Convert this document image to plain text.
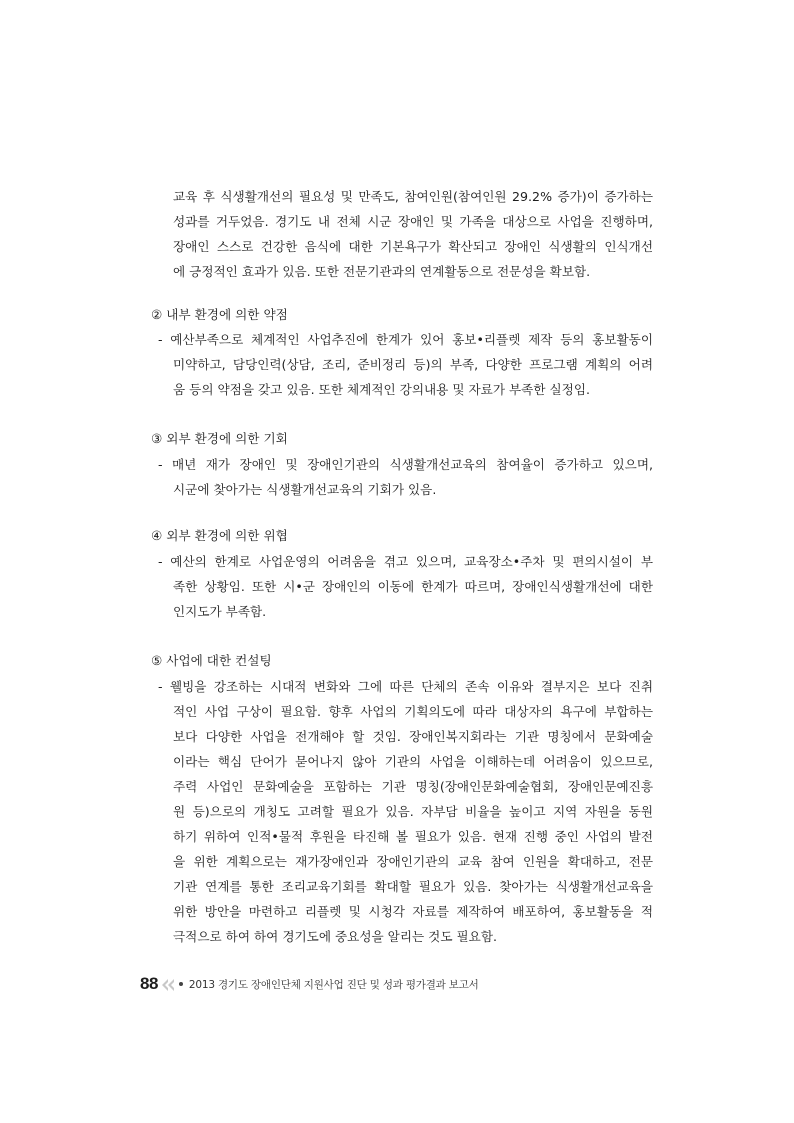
교육 후 식생활개선의 필요성 및 만족도, 참여인원(참여인원 29.2% 증가)이 증가하는
성과를 거두었음. 경기도 내 전체 시군 장애인 및 가족을 대상으로 사업을 진행하며,
장애인 스스로 건강한 음식에 대한 기본욕구가 확산되고 장애인 식생활의 인식개선
에 긍정적인 효과가 있음. 또한 전문기관과의 연계활동으로 전문성을 확보함.
② 내부 환경에 의한 약점
- 예산부족으로 체계적인 사업추진에 한계가 있어 홍보•리플렛 제작 등의 홍보활동이
미약하고, 담당인력(상담, 조리, 준비정리 등)의 부족, 다양한 프로그램 계획의 어려
움 등의 약점을 갖고 있음. 또한 체계적인 강의내용 및 자료가 부족한 실정임.
③ 외부 환경에 의한 기회
- 매년 재가 장애인 및 장애인기관의 식생활개선교육의 참여율이 증가하고 있으며,
시군에 찾아가는 식생활개선교육의 기회가 있음.
④ 외부 환경에 의한 위협
- 예산의 한계로 사업운영의 어려움을 겪고 있으며, 교육장소•주차 및 편의시설이 부
족한 상황임. 또한 시•군 장애인의 이동에 한계가 따르며, 장애인식생활개선에 대한
인지도가 부족함.
⑤ 사업에 대한 컨설팅
- 웰빙을 강조하는 시대적 변화와 그에 따른 단체의 존속 이유와 결부지은 보다 진취
적인 사업 구상이 필요함. 향후 사업의 기획의도에 따라 대상자의 욕구에 부합하는
보다 다양한 사업을 전개해야 할 것임. 장애인복지회라는 기관 명칭에서 문화예술
이라는 핵심 단어가 묻어나지 않아 기관의 사업을 이해하는데 어려움이 있으므로,
주력 사업인 문화예술을 포함하는 기관 명칭(장애인문화예술협회, 장애인문예진흥
원 등)으로의 개칭도 고려할 필요가 있음. 자부담 비율을 높이고 지역 자원을 동원
하기 위하여 인적•물적 후원을 타진해 볼 필요가 있음. 현재 진행 중인 사업의 발전
을 위한 계획으로는 재가장애인과 장애인기관의 교육 참여 인원을 확대하고, 전문
기관 연계를 통한 조리교육기회를 확대할 필요가 있음. 찾아가는 식생활개선교육을
위한 방안을 마련하고 리플렛 및 시청각 자료를 제작하여 배포하여, 홍보활동을 적
극적으로 하여 하여 경기도에 중요성을 알리는 것도 필요함.
88	2013 경기도 장애인단체 지원사업 진단 및 성과 평가결과 보고서
